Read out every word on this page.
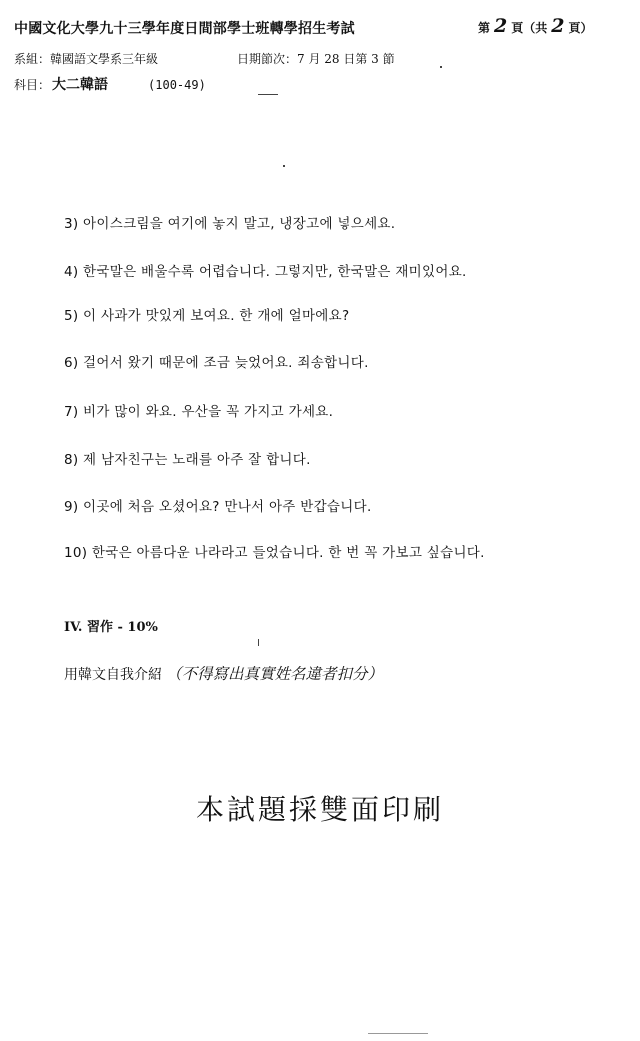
中國文化大學九十三學年度日間部學士班轉學招生考試	第 2 頁（共 2 頁）
系組：韓國語文學系三年級	日期節次：7 月 28 日第 3 節
科目： 大二韓語	(100-49)
3) 아이스크림을 여기에 놓지 말고, 냉장고에 넣으세요.
4) 한국말은 배울수록 어렵습니다. 그렇지만, 한국말은 재미있어요.
5) 이 사과가 맛있게 보여요. 한 개에 얼마에요?
6) 걸어서 왔기 때문에 조금 늦었어요. 죄송합니다.
7) 비가 많이 와요. 우산을 꼭 가지고 가세요.
8) 제 남자친구는 노래를 아주 잘 합니다.
9) 이곳에 처음 오셨어요? 만나서 아주 반갑습니다.
10) 한국은 아름다운 나라라고 들었습니다. 한 번 꼭 가보고 싶습니다.
IV. 習作 - 10%
用韓文自我介紹 （不得寫出真實姓名違者扣分）
本試題採雙面印刷
